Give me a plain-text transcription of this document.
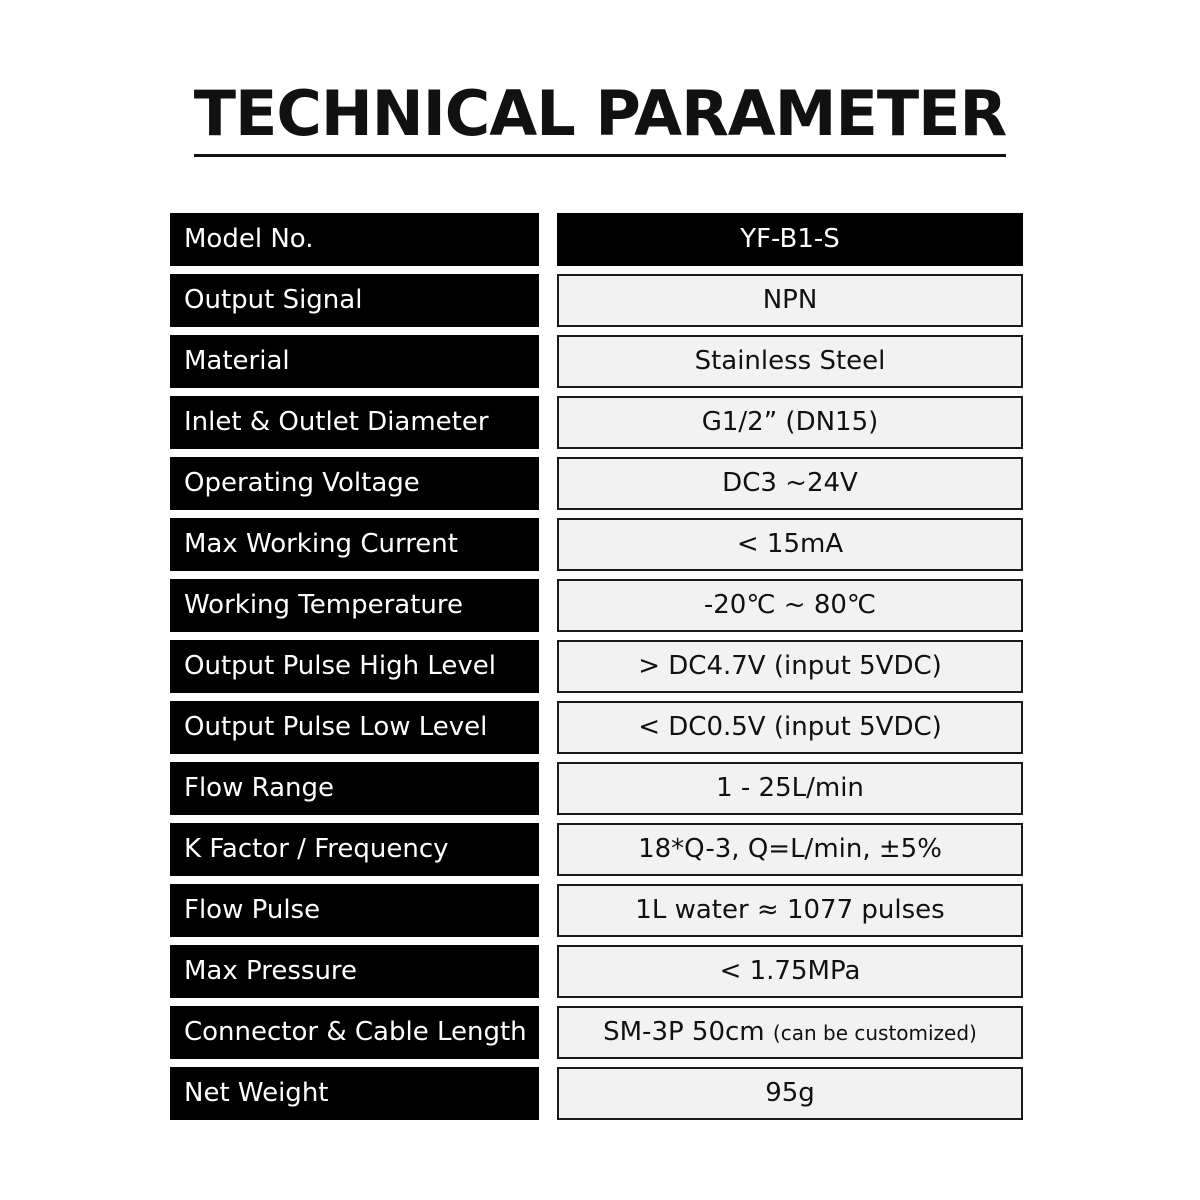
TECHNICAL PARAMETER
Model No.	YF-B1-S
Output Signal	NPN
Material	Stainless Steel
Inlet & Outlet Diameter	G1/2” (DN15)
Operating Voltage	DC3 ~24V
Max Working Current	< 15mA
Working Temperature	-20℃ ~ 80℃
Output Pulse High Level	> DC4.7V (input 5VDC)
Output Pulse Low Level	< DC0.5V (input 5VDC)
Flow Range	1 - 25L/min
K Factor / Frequency	18*Q-3, Q=L/min, ±5%
Flow Pulse	1L water ≈ 1077 pulses
Max Pressure	< 1.75MPa
Connector & Cable Length	SM-3P 50cm (can be customized)
Net Weight	95g
